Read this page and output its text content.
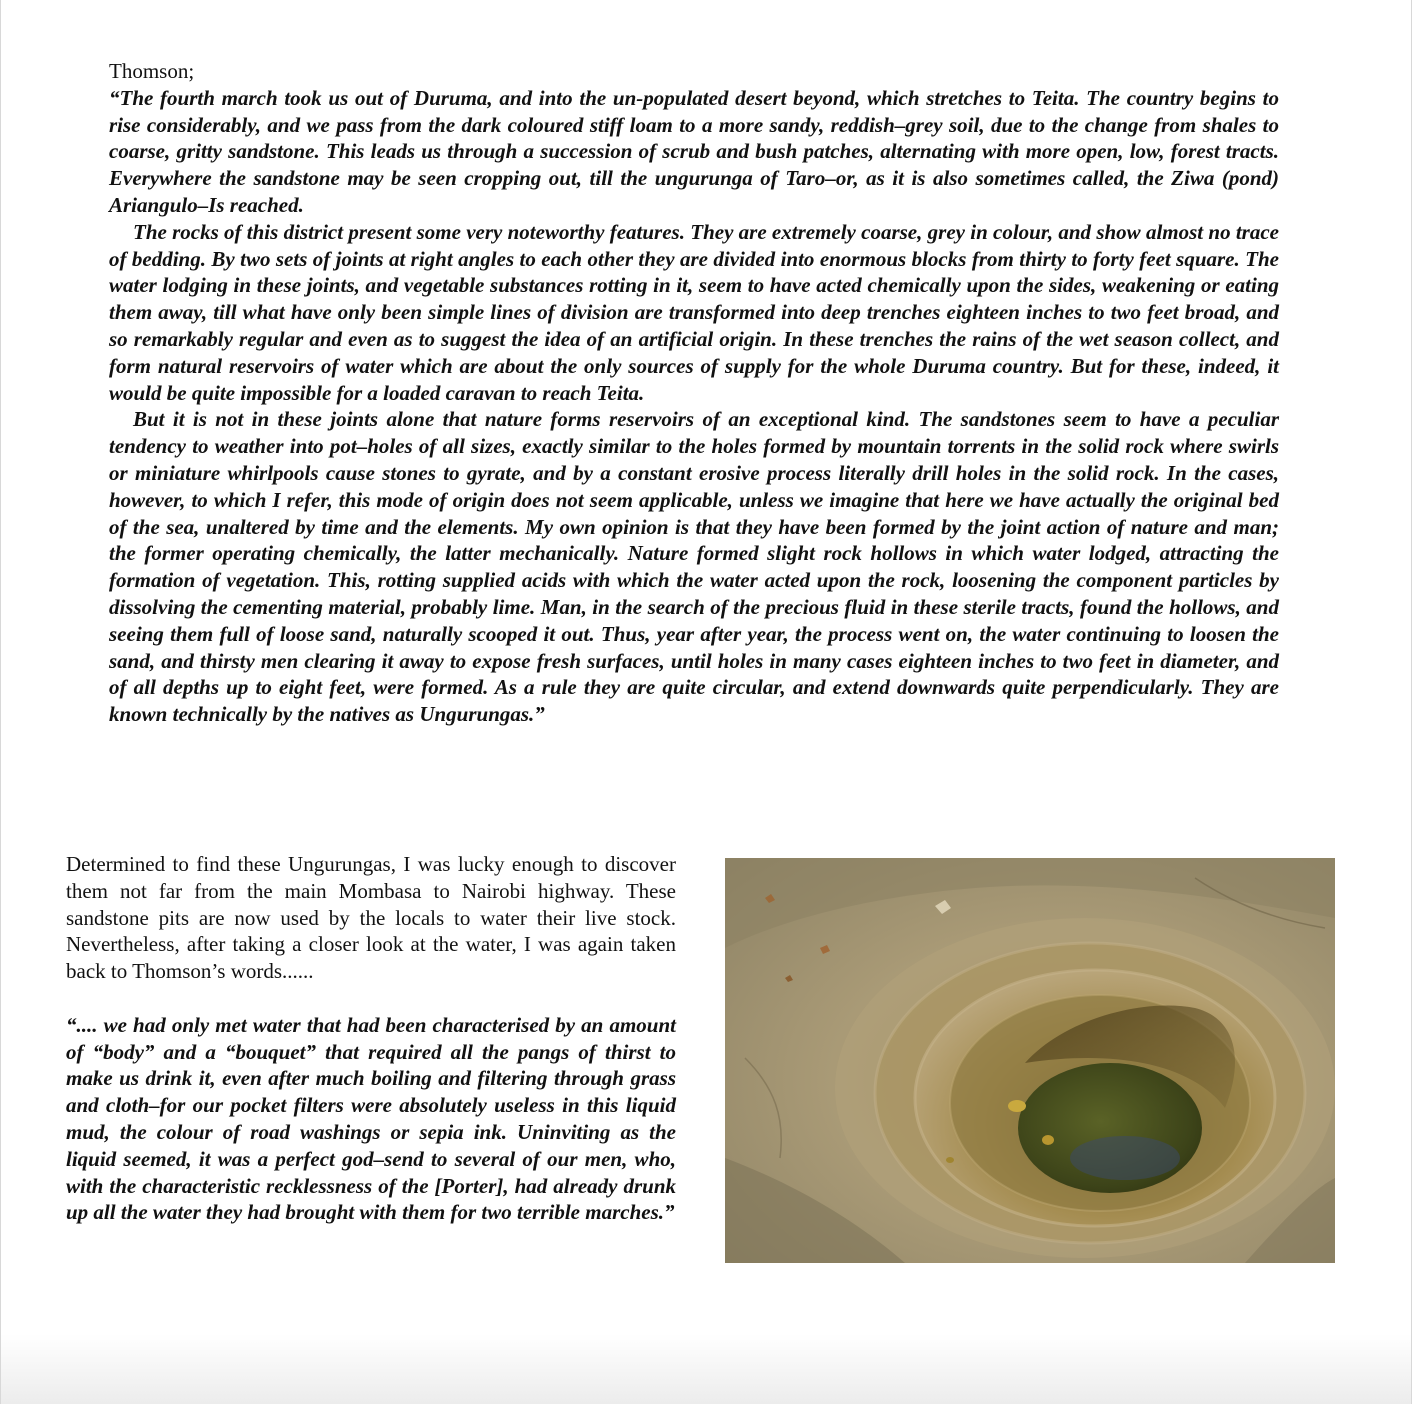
Thomson;

“The fourth march took us out of Duruma, and into the un-populated desert beyond, which stretches to Teita. The country begins to rise considerably, and we pass from the dark coloured stiff loam to a more sandy, reddish–grey soil, due to the change from shales to coarse, gritty sandstone. This leads us through a succession of scrub and bush patches, alternating with more open, low, forest tracts. Everywhere the sandstone may be seen cropping out, till the ungurunga of Taro–or, as it is also sometimes called, the Ziwa (pond) Ariangulo–Is reached.

The rocks of this district present some very noteworthy features. They are extremely coarse, grey in colour, and show almost no trace of bedding. By two sets of joints at right angles to each other they are divided into enormous blocks from thirty to forty feet square. The water lodging in these joints, and vegetable substances rotting in it, seem to have acted chemically upon the sides, weakening or eating them away, till what have only been simple lines of division are transformed into deep trenches eighteen inches to two feet broad, and so remarkably regular and even as to suggest the idea of an artificial origin. In these trenches the rains of the wet season collect, and form natural reservoirs of water which are about the only sources of supply for the whole Duruma country. But for these, indeed, it would be quite impossible for a loaded caravan to reach Teita.

But it is not in these joints alone that nature forms reservoirs of an exceptional kind. The sandstones seem to have a peculiar tendency to weather into pot–holes of all sizes, exactly similar to the holes formed by mountain torrents in the solid rock where swirls or miniature whirlpools cause stones to gyrate, and by a constant erosive process literally drill holes in the solid rock. In the cases, however, to which I refer, this mode of origin does not seem applicable, unless we imagine that here we have actually the original bed of the sea, unaltered by time and the elements. My own opinion is that they have been formed by the joint action of nature and man; the former operating chemically, the latter mechanically. Nature formed slight rock hollows in which water lodged, attracting the formation of vegetation. This, rotting supplied acids with which the water acted upon the rock, loosening the component particles by dissolving the cementing material, probably lime. Man, in the search of the precious fluid in these sterile tracts, found the hollows, and seeing them full of loose sand, naturally scooped it out. Thus, year after year, the process went on, the water continuing to loosen the sand, and thirsty men clearing it away to expose fresh surfaces, until holes in many cases eighteen inches to two feet in diameter, and of all depths up to eight feet, were formed. As a rule they are quite circular, and extend downwards quite perpendicularly. They are known technically by the natives as Ungurungas.”

Determined to find these Ungurungas, I was lucky enough to discover them not far from the main Mombasa to Nairobi highway. These sandstone pits are now used by the locals to water their live stock. Nevertheless, after taking a closer look at the water, I was again taken back to Thomson’s words......

“.... we had only met water that had been characterised by an amount of “body” and a “bouquet” that required all the pangs of thirst to make us drink it, even after much boiling and filtering through grass and cloth–for our pocket filters were absolutely useless in this liquid mud, the colour of road washings or sepia ink. Uninviting as the liquid seemed, it was a perfect god–send to several of our men, who, with the characteristic recklessness of the [Porter], had already drunk up all the water they had brought with them for two terrible marches.”
